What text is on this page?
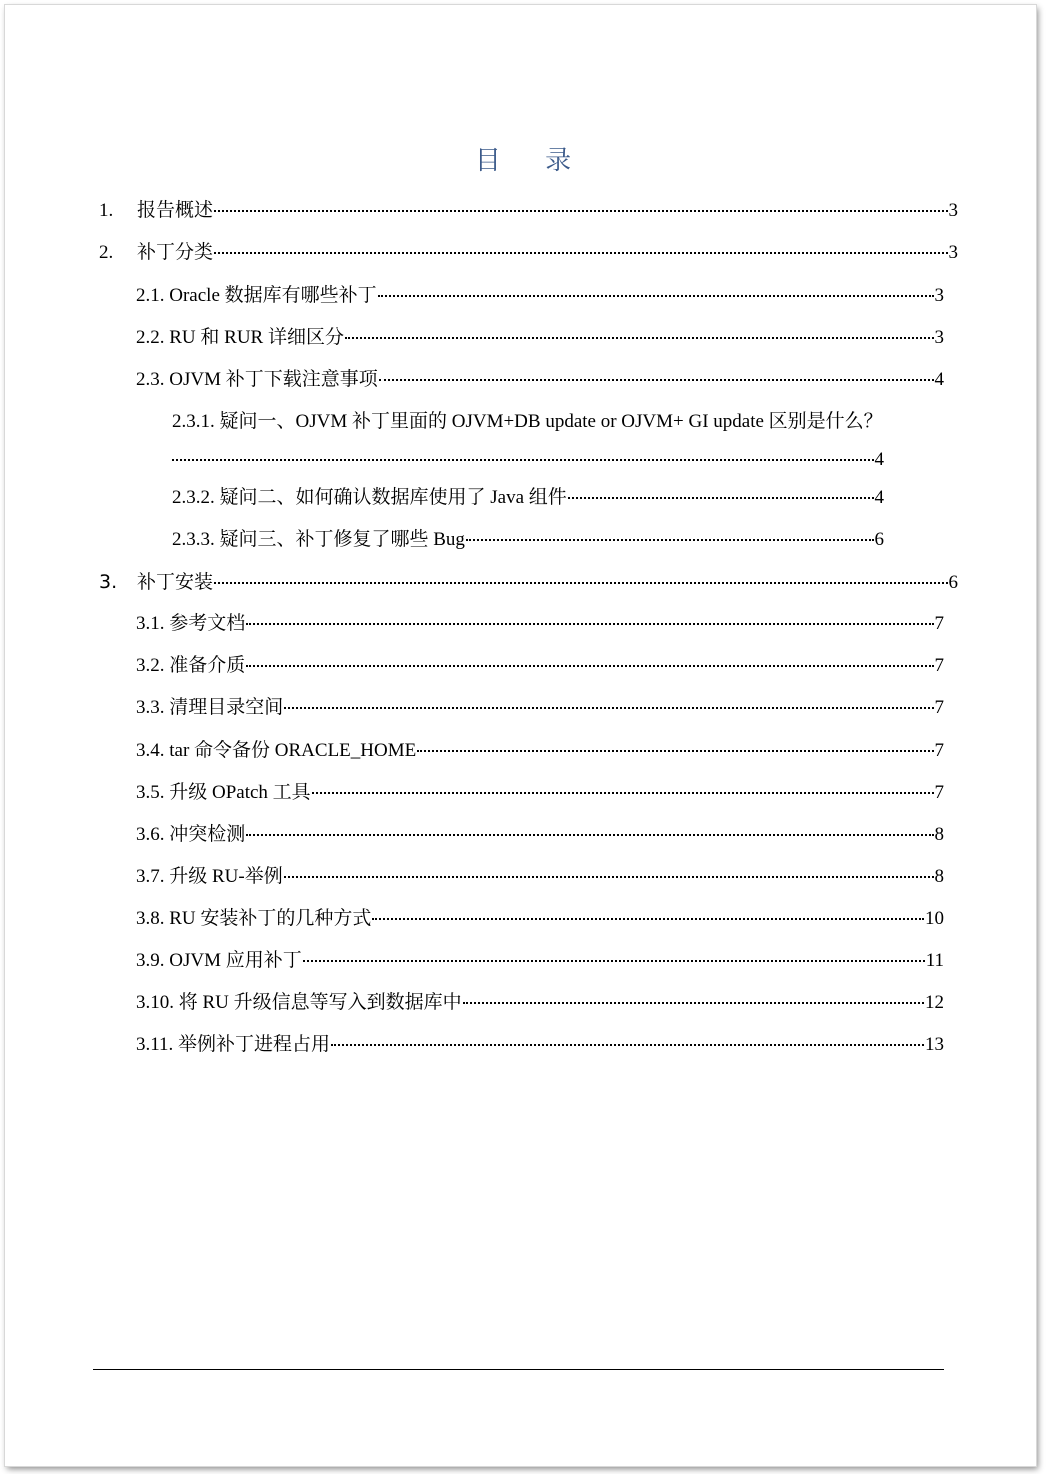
目 录
1.	报告概述	3
2.	补丁分类	3
2.1. Oracle 数据库有哪些补丁	3
2.2. RU 和 RUR 详细区分	3
2.3. OJVM 补丁下载注意事项	4
2.3.1. 疑问一、OJVM 补丁里面的 OJVM+DB update or OJVM+ GI update 区别是什么？
4
2.3.2. 疑问二、如何确认数据库使用了 Java 组件	4
2.3.3. 疑问三、补丁修复了哪些 Bug	6
3.	补丁安装	6
3.1. 参考文档	7
3.2. 准备介质	7
3.3. 清理目录空间	7
3.4. tar 命令备份 ORACLE_HOME	7
3.5. 升级 OPatch 工具	7
3.6. 冲突检测	8
3.7. 升级 RU-举例	8
3.8. RU 安装补丁的几种方式	10
3.9. OJVM 应用补丁	11
3.10. 将 RU 升级信息等写入到数据库中	12
3.11. 举例补丁进程占用	13
